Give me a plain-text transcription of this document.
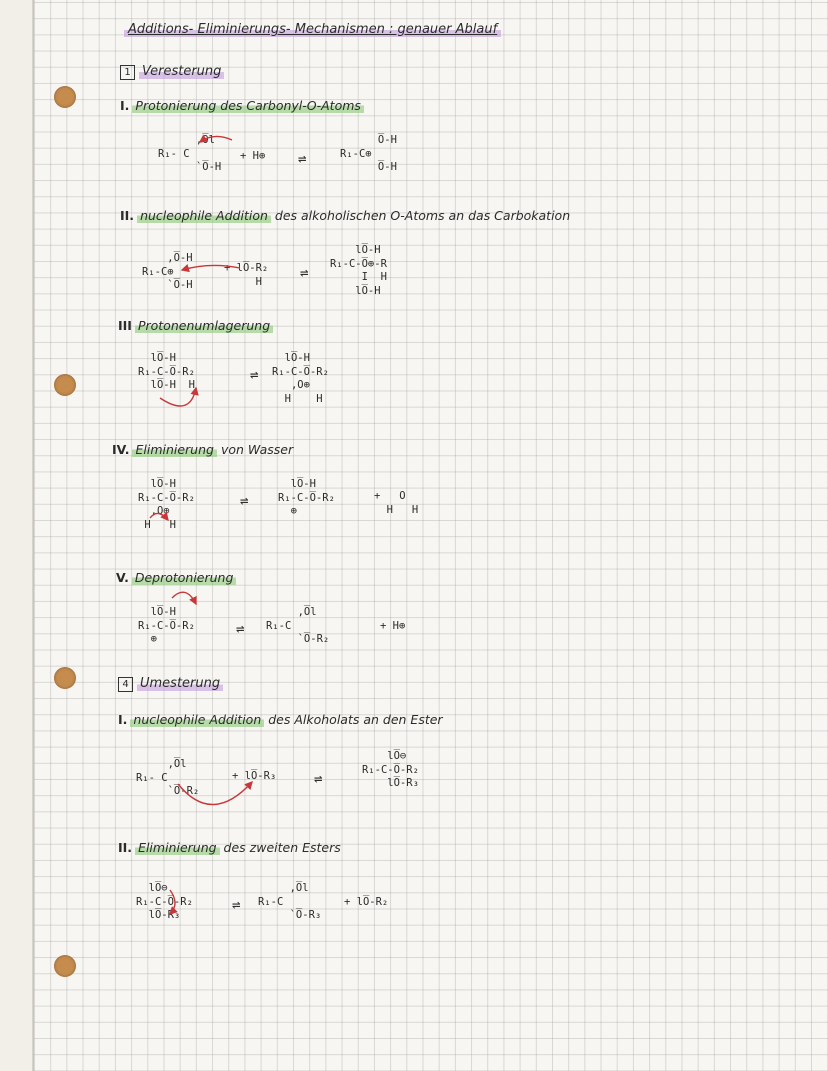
Additions- Eliminierungs- Mechanismen : genauer Ablauf
1 Veresterung
I. Protonierung des Carbonyl-O-Atoms
,O̅l
R₁- C
`O̅-H
+ H⊕ ⇌
O̅-H
R₁-C⊕
O̅-H
II. nucleophile Addition des alkoholischen O-Atoms an das Carbokation
,O̅-H
R₁-C⊕
`O̅-H
+ lO̅-R₂
H
⇌
lO̅-H
R₁-C-O̅⊕-R
I  H
lO̅-H
III Protonenumlagerung
lO̅-H
R₁-C-O̅-R₂
lO̅-H  H
⇌
lO̅-H
R₁-C-O̅-R₂
,O⊕
H    H
IV. Eliminierung von Wasser
lO̅-H
R₁-C-O̅-R₂
,O⊕
H   H
⇌
lO̅-H
R₁-C-O̅-R₂
⊕
+   O
H   H
V. Deprotonierung
lO̅-H
R₁-C-O̅-R₂
⊕
⇌
,O̅l
R₁-C
`O̅-R₂
+ H⊕
4 Umesterung
I. nucleophile Addition des Alkoholats an den Ester
,O̅l
R₁- C
`O̅-R₂
+ lO̅-R₃	⇌
lO̅⊖
R₁-C-O̅-R₂
lO̅-R₃
II. Eliminierung des zweiten Esters
lO̅⊖
R₁-C-O̅-R₂
lO̅-R₃
⇌
,O̅l
R₁-C
`O̅-R₃
+ lO̅-R₂
